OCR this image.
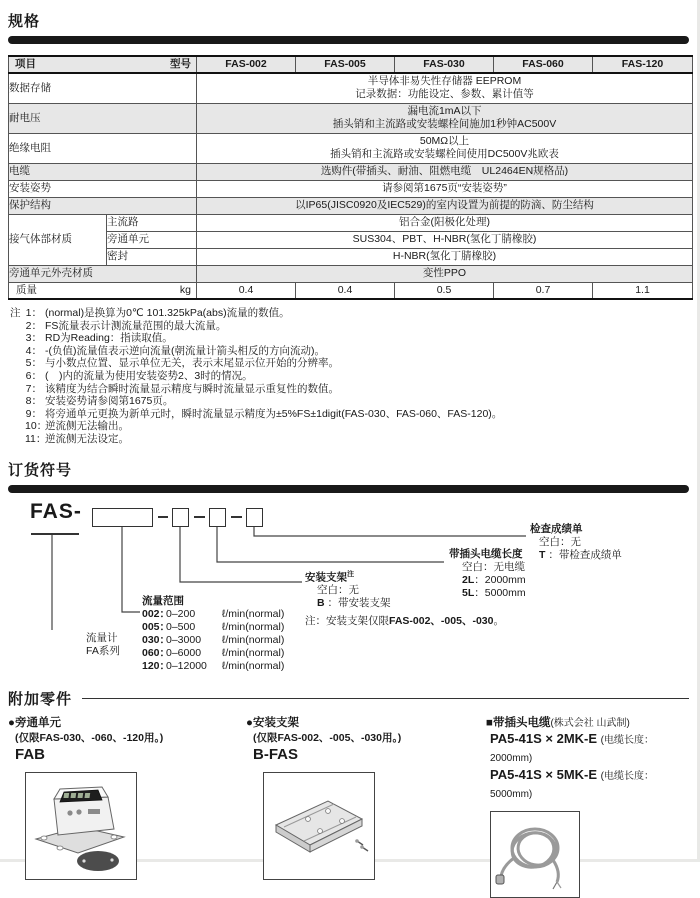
规格
项目 型号		FAS-002	FAS-005	FAS-030	FAS-060	FAS-120
数据存储		半导体非易失性存储器 EEPROM
记录数据：功能设定、参数、累计值等				

耐电压		漏电流1mA以下
插头销和主流路或安装螺栓间施加1秒钟AC500V				

绝缘电阻		50MΩ以上
插头销和主流路或安装螺栓间使用DC500V兆欧表				

电缆		选购件(带插头、耐油、阻燃电缆　UL2464EN规格品)				

安装姿势		请参阅第1675页“安装姿势”				

保护结构		以IP65(JISC0920及IEC529)的室内设置为前提的防滴、防尘结构				

接气体部材质	主流路	铝合金(阳极化处理)				
	旁通单元	SUS304、PBT、H-NBR(氢化丁腈橡胶)				
	密封	H-NBR(氢化丁腈橡胶)				
旁通单元外壳材质		变性PPO				

质量 kg		0.4	0.4	0.5	0.7	1.1
注 1： (normal)是换算为0℃ 101.325kPa(abs)流量的数值。
2： FS流量表示计测流量范围的最大流量。
3： RD为Reading：指读取值。
4： -(负值)流量值表示逆向流量(朝流量计箭头相反的方向流动)。
5： 与小数点位置、显示单位无关，表示末尾显示位开始的分辨率。
6： (　)内的流量为使用安装姿势2、3时的情况。
7： 该精度为结合瞬时流量显示精度与瞬时流量显示重复性的数值。
8： 安装姿势请参阅第1675页。
9： 将旁通单元更换为新单元时，瞬时流量显示精度为±5%FS±1digit(FAS-030、FAS-060、FAS-120)。
10：
逆流侧无法输出。
11：
逆流侧无法设定。
订货符号
FAS-
流量计
FA系列
流量范围
002：
0–200	ℓ/min(normal)
005：
0–500	ℓ/min(normal)
030：
0–3000	ℓ/min(normal)
060：
0–6000	ℓ/min(normal)
120：
0–12000	ℓ/min(normal)
安装支架$^注$
空白：无
B ：带安装支架
注：安装支架仅限FAS-002、-005、-030。
带插头电缆长度
空白：无电缆
2L：2000mm
5L：5000mm
检查成绩单
空白：无
T ：带检查成绩单
附加零件
●旁通单元
(仅限FAS-030、-060、-120用。)
FAB
●安装支架
(仅限FAS-002、-005、-030用。)
B-FAS
■带插头电缆(株式会社 山武制)
PA5-41S × 2MK-E (电缆长度：2000mm)
PA5-41S × 5MK-E (电缆长度：5000mm)
